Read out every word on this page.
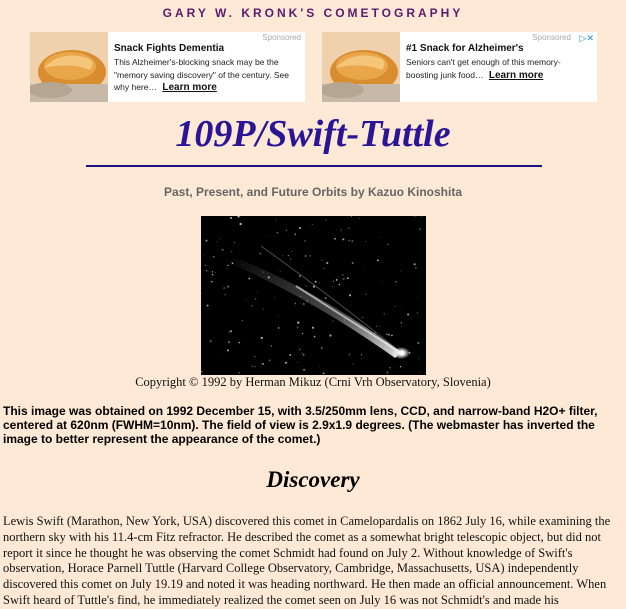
GARY W. KRONK'S COMETOGRAPHY
Sponsored
Snack Fights Dementia
This Alzheimer's-blocking snack may be the "memory saving discovery" of the century. See why here… Learn more
Sponsored ▷✕
#1 Snack for Alzheimer's
Seniors can't get enough of this memory-boosting junk food… Learn more
109P/Swift-Tuttle
Past, Present, and Future Orbits by Kazuo Kinoshita
Copyright © 1992 by Herman Mikuz (Crni Vrh Observatory, Slovenia)
This image was obtained on 1992 December 15, with 3.5/250mm lens, CCD, and narrow-band H2O+ filter, centered at 620nm (FWHM=10nm). The field of view is 2.9x1.9 degrees. (The webmaster has inverted the image to better represent the appearance of the comet.)
Discovery
Lewis Swift (Marathon, New York, USA) discovered this comet in Camelopardalis on 1862 July 16, while examining the northern sky with his 11.4-cm Fitz refractor. He described the comet as a somewhat bright telescopic object, but did not report it since he thought he was observing the comet Schmidt had found on July 2. Without knowledge of Swift's observation, Horace Parnell Tuttle (Harvard College Observatory, Cambridge, Massachusetts, USA) independently discovered this comet on July 19.19 and noted it was heading northward. He then made an official announcement. When Swift heard of Tuttle's find, he immediately realized the comet seen on July 16 was not Schmidt's and made his
